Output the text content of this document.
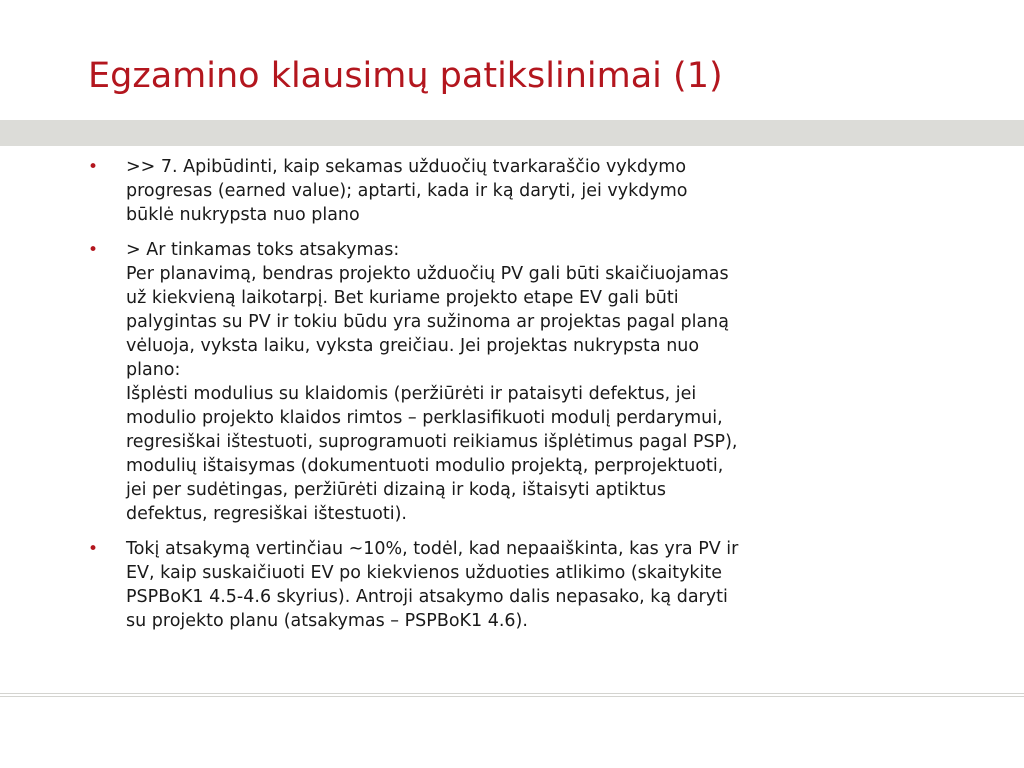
Egzamino klausimų patikslinimai (1)
• >> 7. Apibūdinti, kaip sekamas užduočių tvarkaraščio vykdymo
progresas (earned value); aptarti, kada ir ką daryti, jei vykdymo
būklė nukrypsta nuo plano
• > Ar tinkamas toks atsakymas:
Per planavimą, bendras projekto užduočių PV gali būti skaičiuojamas
už kiekvieną laikotarpį. Bet kuriame projekto etape EV gali būti
palygintas su PV ir tokiu būdu yra sužinoma ar projektas pagal planą
vėluoja, vyksta laiku, vyksta greičiau. Jei projektas nukrypsta nuo
plano:
Išplėsti modulius su klaidomis (peržiūrėti ir pataisyti defektus, jei
modulio projekto klaidos rimtos – perklasifikuoti modulį perdarymui,
regresiškai ištestuoti, suprogramuoti reikiamus išplėtimus pagal PSP),
modulių ištaisymas (dokumentuoti modulio projektą, perprojektuoti,
jei per sudėtingas, peržiūrėti dizainą ir kodą, ištaisyti aptiktus
defektus, regresiškai ištestuoti).
• Tokį atsakymą vertinčiau ~10%, todėl, kad nepaaiškinta, kas yra PV ir
EV, kaip suskaičiuoti EV po kiekvienos užduoties atlikimo (skaitykite
PSPBoK1 4.5-4.6 skyrius). Antroji atsakymo dalis nepasako, ką daryti
su projekto planu (atsakymas – PSPBoK1 4.6).
